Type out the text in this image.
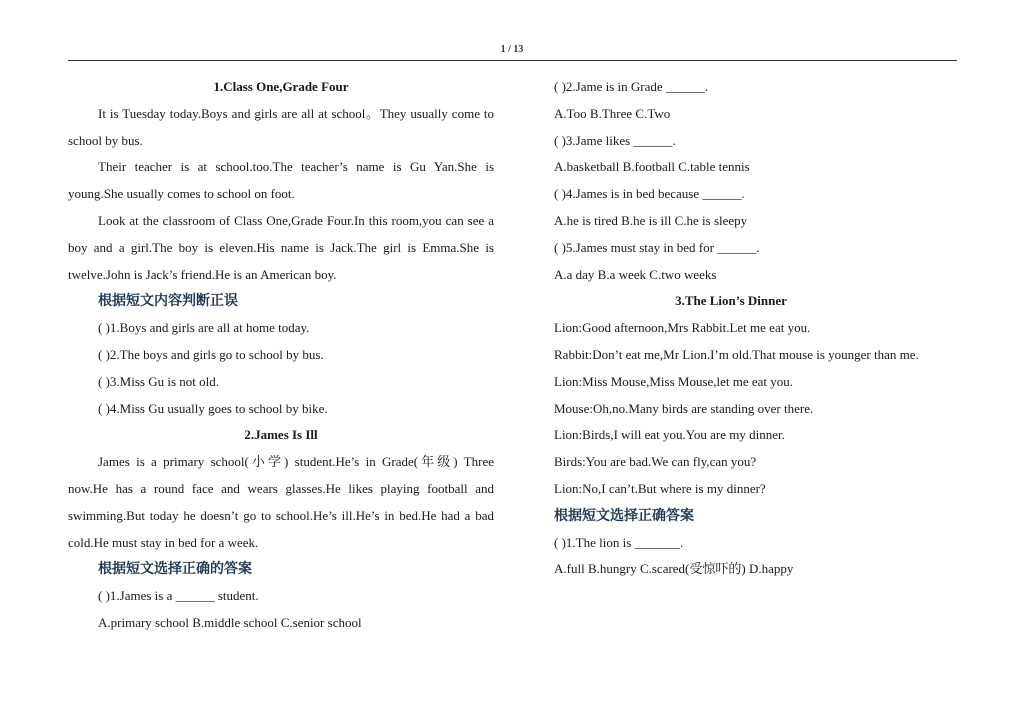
1 / 13

1.Class One,Grade Four

It is Tuesday today.Boys and girls are all at school。They usually come to school by bus.

Their teacher is at school.too.The teacher’s name is Gu Yan.She is young.She usually comes to school on foot.

Look at the classroom of Class One,Grade Four.In this room,you can see a boy and a girl.The boy is eleven.His name is Jack.The girl is Emma.She is twelve.John is Jack’s friend.He is an American boy.

根据短文内容判断正误

( )1.Boys and girls are all at home today.

( )2.The boys and girls go to school by bus.

( )3.Miss Gu is not old.

( )4.Miss Gu usually goes to school by bike.

2.James Is Ill

James is a primary school(小学) student.He’s in Grade(年级) Three now.He has a round face and wears glasses.He likes playing football and swimming.But today he doesn’t go to school.He’s ill.He’s in bed.He had a bad cold.He must stay in bed for a week.

根据短文选择正确的答案

( )1.James is a ______ student.

A.primary school B.middle school C.senior school

( )2.Jame is in Grade ______.

A.Too B.Three C.Two

( )3.Jame likes ______.

A.basketball B.football C.table tennis

( )4.James is in bed because ______.

A.he is tired B.he is ill C.he is sleepy

( )5.James must stay in bed for ______.

A.a day B.a week C.two weeks

3.The Lion’s Dinner

Lion:Good afternoon,Mrs Rabbit.Let me eat you.

Rabbit:Don’t eat me,Mr Lion.I’m old.That mouse is younger than me.

Lion:Miss Mouse,Miss Mouse,let me eat you.

Mouse:Oh,no.Many birds are standing over there.

Lion:Birds,I will eat you.You are my dinner.

Birds:You are bad.We can fly,can you?

Lion:No,I can’t.But where is my dinner?

根据短文选择正确答案

( )1.The lion is _______.

A.full B.hungry C.scared(受惊吓的) D.happy
